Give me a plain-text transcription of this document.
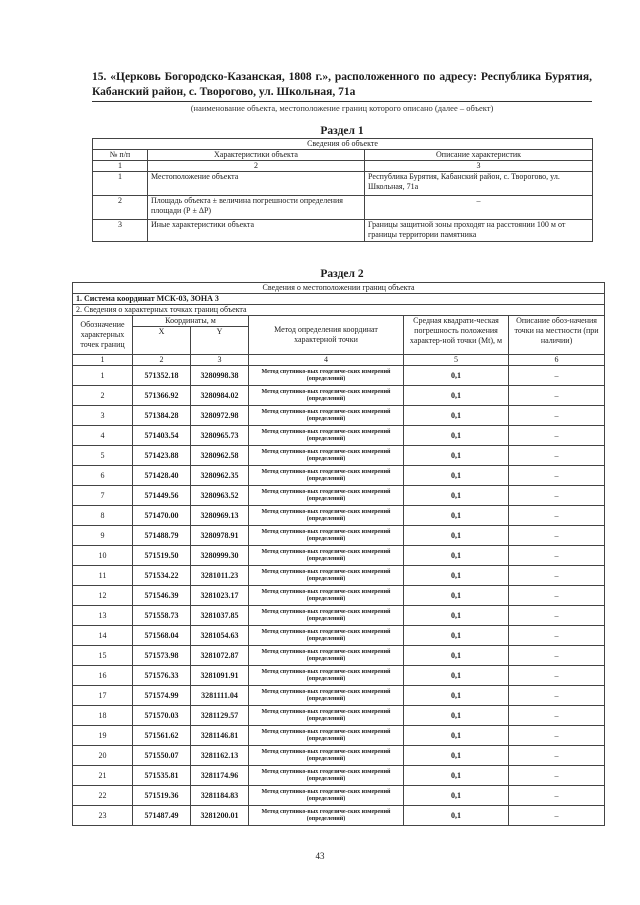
15. «Церковь Богородско-Казанская, 1808 г.», расположенного по адресу: Республика Бурятия, Кабанский район, с. Творогово, ул. Школьная, 71а
(наименование объекта, местоположение границ которого описано (далее – объект)
Раздел 1
Сведения об объекте		
№ п/п	Характеристики объекта	Описание характеристик
1	2	3
1	Местоположение объекта	Республика Бурятия, Кабанский район, с. Творогово, ул. Школьная, 71а
2	Площадь объекта ± величина погрешности определения площади (Р ± ΔР)	–
3	Иные характеристики объекта	Границы защитной зоны проходят на расстоянии 100 м от границы территории памятника
Раздел 2
Сведения о местоположении границ объекта					
1. Система координат МСК-03, ЗОНА 3					
2. Сведения о характерных точках границ объекта					
Обозначение характерных точек границ	Координаты, м		Метод определения координат характерной точки	Средная квадрати-ческая погрешность положения характер-ной точки (Mt), м	Описание обоз-начения точки на местности (при наличии)
	X	Y			
1	2	3	4	5	6
1	571352.18	3280998.38	Метод спутнико-вых геодезиче-ских измерений (определений)	0,1	–
2	571366.92	3280984.02	Метод спутнико-вых геодезиче-ских измерений (определений)	0,1	–
3	571384.28	3280972.98	Метод спутнико-вых геодезиче-ских измерений (определений)	0,1	–
4	571403.54	3280965.73	Метод спутнико-вых геодезиче-ских измерений (определений)	0,1	–
5	571423.88	3280962.58	Метод спутнико-вых геодезиче-ских измерений (определений)	0,1	–
6	571428.40	3280962.35	Метод спутнико-вых геодезиче-ских измерений (определений)	0,1	–
7	571449.56	3280963.52	Метод спутнико-вых геодезиче-ских измерений (определений)	0,1	–
8	571470.00	3280969.13	Метод спутнико-вых геодезиче-ских измерений (определений)	0,1	–
9	571488.79	3280978.91	Метод спутнико-вых геодезиче-ских измерений (определений)	0,1	–
10	571519.50	3280999.30	Метод спутнико-вых геодезиче-ских измерений (определений)	0,1	–
11	571534.22	3281011.23	Метод спутнико-вых геодезиче-ских измерений (определений)	0,1	–
12	571546.39	3281023.17	Метод спутнико-вых геодезиче-ских измерений (определений)	0,1	–
13	571558.73	3281037.85	Метод спутнико-вых геодезиче-ских измерений (определений)	0,1	–
14	571568.04	3281054.63	Метод спутнико-вых геодезиче-ских измерений (определений)	0,1	–
15	571573.98	3281072.87	Метод спутнико-вых геодезиче-ских измерений (определений)	0,1	–
16	571576.33	3281091.91	Метод спутнико-вых геодезиче-ских измерений (определений)	0,1	–
17	571574.99	3281111.04	Метод спутнико-вых геодезиче-ских измерений (определений)	0,1	–
18	571570.03	3281129.57	Метод спутнико-вых геодезиче-ских измерений (определений)	0,1	–
19	571561.62	3281146.81	Метод спутнико-вых геодезиче-ских измерений (определений)	0,1	–
20	571550.07	3281162.13	Метод спутнико-вых геодезиче-ских измерений (определений)	0,1	–
21	571535.81	3281174.96	Метод спутнико-вых геодезиче-ских измерений (определений)	0,1	–
22	571519.36	3281184.83	Метод спутнико-вых геодезиче-ских измерений (определений)	0,1	–
23	571487.49	3281200.01	Метод спутнико-вых геодезиче-ских измерений (определений)	0,1	–
43
